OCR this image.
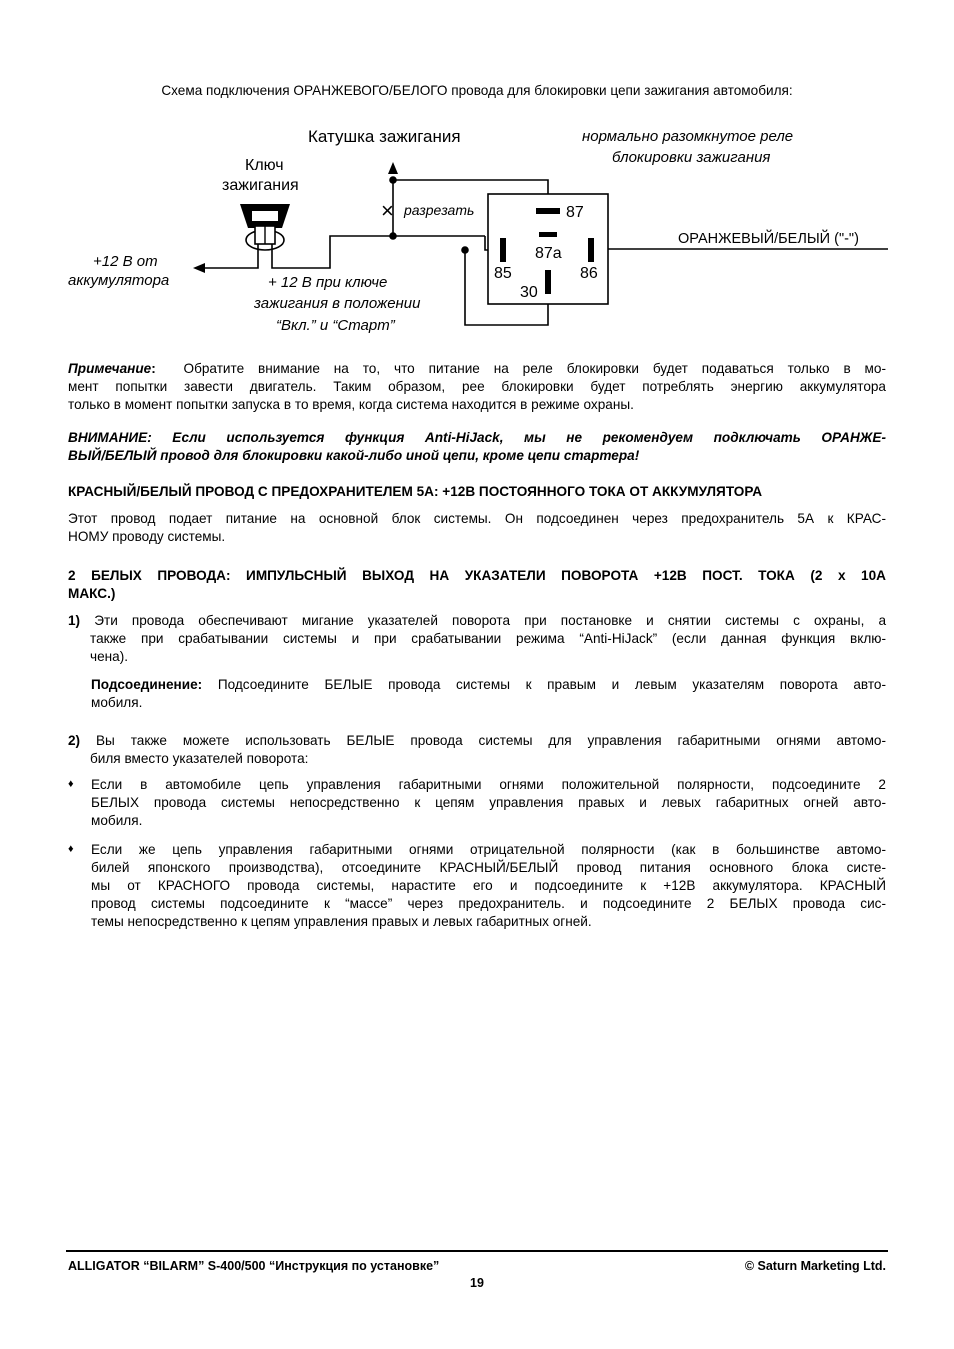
Схема подключения ОРАНЖЕВОГО/БЕЛОГО провода для блокировки цепи зажигания автомобиля:
×
Катушка зажигания	нормально разомкнутое реле
блокировки зажигания
Ключ
зажигания
разрезать	87
87a
85	86
30
ОРАНЖЕВЫЙ/БЕЛЫЙ ("-")
+12 В от
аккумулятора	+ 12 В при ключе
зажигания в положении
“Вкл.” и “Старт”
Примечание: Обратите внимание на то, что питание на реле блокировки будет подаваться только в мо-
мент попытки завести двигатель. Таким образом, рее блокировки будет потреблять энергию аккумулятора
только в момент попытки запуска в то время, когда система находится в режиме охраны.
ВНИМАНИЕ: Если используется функция Anti-HiJack, мы не рекомендуем подключать ОРАНЖЕ-
ВЫЙ/БЕЛЫЙ провод для блокировки какой-либо иной цепи, кроме цепи стартера!
КРАСНЫЙ/БЕЛЫЙ ПРОВОД С ПРЕДОХРАНИТЕЛЕМ 5А: +12В ПОСТОЯННОГО ТОКА ОТ АККУМУЛЯТОРА
Этот провод подает питание на основной блок системы. Он подсоединен через предохранитель 5А к КРАС-
НОМУ проводу системы.
2 БЕЛЫХ ПРОВОДА: ИМПУЛЬСНЫЙ ВЫХОД НА УКАЗАТЕЛИ ПОВОРОТА +12В ПОСТ. ТОКА (2 х 10А
МАКС.)
1) Эти провода обеспечивают мигание указателей поворота при постановке и снятии системы с охраны, а
также при срабатывании системы и при срабатывании режима “Anti-HiJack” (если данная функция вклю-
чена).
Подсоединение: Подсоедините БЕЛЫЕ провода системы к правым и левым указателям поворота авто-
мобиля.
2) Вы также можете использовать БЕЛЫЕ провода системы для управления габаритными огнями автомо-
биля вместо указателей поворота:
♦ Если в автомобиле цепь управления габаритными огнями положительной полярности, подсоедините 2
БЕЛЫХ провода системы непосредственно к цепям управления правых и левых габаритных огней авто-
мобиля.
♦ Если же цепь управления габаритными огнями отрицательной полярности (как в большинстве автомо-
билей японского производства), отсоедините КРАСНЫЙ/БЕЛЫЙ провод питания основного блока систе-
мы от КРАСНОГО провода системы, нарастите его и подсоедините к +12В аккумулятора. КРАСНЫЙ
провод системы подсоедините к “массе” через предохранитель. и подсоедините 2 БЕЛЫХ провода сис-
темы непосредственно к цепям управления правых и левых габаритных огней.
ALLIGATOR “BILARM” S-400/500 “Инструкция по установке”	© Saturn Marketing Ltd.
19
